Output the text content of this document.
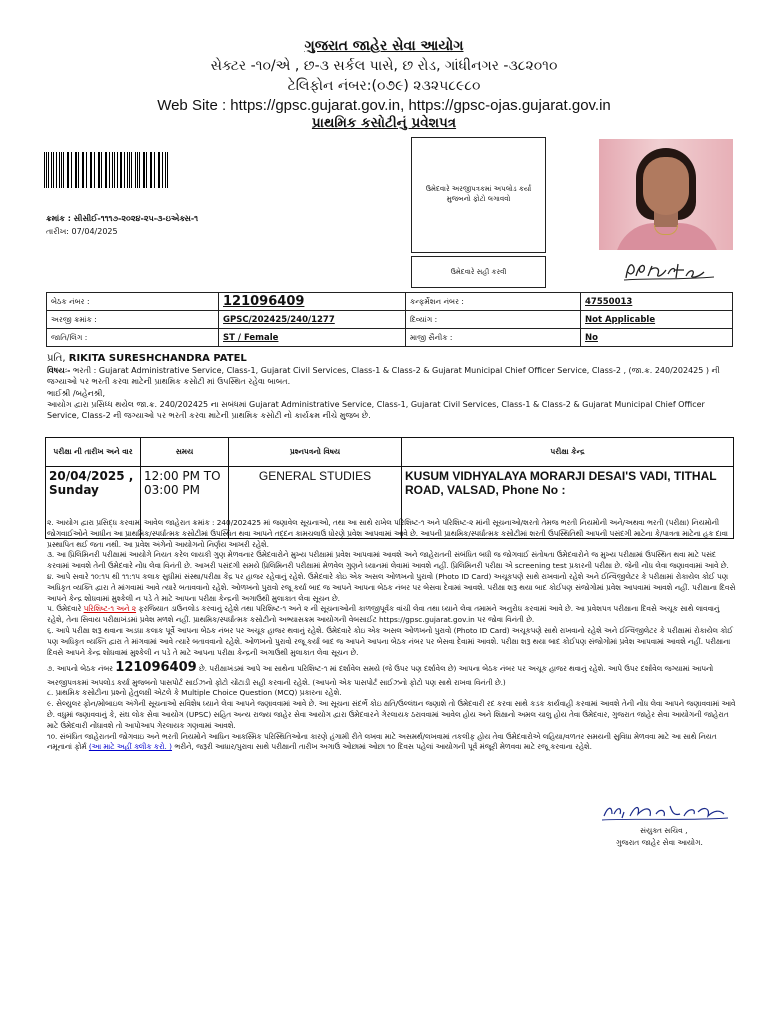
ગુજરાત જાહેર સેવા આયોગ
સેક્ટર -૧૦/એ , છ-૩ સર્કલ પાસે, છ રોડ, ગાંધીનગર -૩૮૨૦૧૦
ટેલિફોન નંબર:(૦૭૯) ૨૩૨૫૮૯૮૦
Web Site : https://gpsc.gujarat.gov.in, https://gpsc-ojas.gujarat.gov.in
પ્રાથમિક કસોટીનું પ્રવેશપત્ર
ક્રમાંક : સીસીઈ-૧૧૧૭-૨૦૨૪-૨૫-૩-ઇએક્સ-૧
તારીખ: 07/04/2025
ઉમેદવારે અરજીપત્રકમાં અપલોડ કર્યા મુજબનો ફોટો લગાવવો
ઉમેદવારે સહી કરવી
બેઠક નંબર :	121096409	કન્ફર્મેશન નંબર :	47550013
અરજી ક્રમાંક :	GPSC/202425/240/1277	દિવ્યાંગ :	Not Applicable
જાતિ/લિંગ :	ST / Female	માજી સૈનીક :	No
પ્રતિ, RIKITA SURESHCHANDRA PATEL
વિષયઃ- ભરતી : Gujarat Administrative Service, Class-1, Gujarat Civil Services, Class-1 & Class-2 & Gujarat Municipal Chief Officer Service, Class-2 , (જા.ક્ર. 240/202425 ) ની જગ્યાઓ પર ભરતી કરવા માટેની પ્રાથમિક કસોટી માં ઉપસ્થિત રહેવા બાબત.
ભાઈશ્રી /બહેનશ્રી,
આયોગ દ્વારા પ્રસિધ્ધ થયેલ જા.ક્ર. 240/202425 ના સબંધમાં Gujarat Administrative Service, Class-1, Gujarat Civil Services, Class-1 & Class-2 & Gujarat Municipal Chief Officer Service, Class-2 ની જગ્યાઓ પર ભરતી કરવા માટેની પ્રાથમિક કસોટી નો કાર્યક્રમ નીચે મુજબ છે.
પરીક્ષા ની તારીખ અને વાર	સમય	પ્રશ્નપત્રનો વિષય	પરીક્ષા કેન્દ્ર
20/04/2025 , Sunday	12:00 PM TO 03:00 PM	GENERAL STUDIES	KUSUM VIDHYALAYA MORARJI DESAI'S VADI, TITHAL ROAD, VALSAD, Phone No :

૨. આયોગ દ્વારા પ્રસિદ્ધ કરવામાં આવેલ જાહેરાત ક્રમાંક : 240/202425 માં જણાવેલ સૂચનાઓ, તથા આ સાથે રાખેલ પરિશિષ્ટ-૧ અને પરિશિષ્ટ-૨ માંની સૂચનાઓ/શરતો તેમજ ભરતી નિયમોની અને/અથવા ભરતી (પરીક્ષા) નિયમોની જોગવાઈઓને આધીન આ પ્રાથમિક/સ્પર્ધાત્મક કસોટીમાં ઉપસ્થિત થવા આપને તદ્દન કામચલાઉ ધોરણે પ્રવેશ આપવામાં આવે છે. આપની પ્રાથમિક/સ્પર્ધાત્મક કસોટીમાં શરતી ઉપસ્થિતિથી આપની પસંદગી માટેના કે/પાત્રતા માટેના હક દાવા પ્રસ્થાપિત થઈ જતા નથી. આ પ્રવેશ અંગેનો આયોગનો નિર્ણય આખરી રહેશે.

૩. આ પ્રિલિમિનરી પરીક્ષામાં આયોગે નિયત કરેલ લાયકી ગુણ મેળવનાર ઉમેદવારોને મુખ્ય પરીક્ષામાં પ્રવેશ આપવામાં આવશે અને જાહેરાતની સંબંધિત બધી જ જોગવાઈ સંતોષતા ઉમેદવારોને જ મુખ્ય પરીક્ષામાં ઉપસ્થિત થવા માટે પસંદ કરવામાં આવશે તેની ઉમેદવારે નોંધ લેવા વિનંતી છે. આખરી પસંદગી સમયે પ્રિલિમિનરી પરીક્ષામાં મેળવેલ ગુણને ધ્યાનમાં લેવામાં આવશે નહીં. પ્રિલિમિનરી પરીક્ષા એ screening test પ્રકારની પરીક્ષા છે. જેની નોંધ લેવા જણાવવામાં આવે છે.

૪. આપે સવારે ૧૦:૧૫ થી ૧૧:૧૫ કલાક સુધીમાં સંસ્થા/પરીક્ષા કેંદ્ર પર હાજર રહેવાનું રહેશે. ઉમેદવારે કોઇ એક અસલ ઓળખનો પુરાવો (Photo ID Card) અચૂકપણે સાથે રાખવાનો રહેશે અને ઈન્વિજીલેટર કે પરીક્ષામાં રોકાયેલ કોઈ પણ અધિકૃત વ્યક્તિ દ્વારા તે માંગવામાં આવે ત્યારે બતાવવાનો રહેશે. ઓળખનો પુરાવો રજૂ કર્યા બાદ જ આપને આપના બેઠક નંબર પર બેસવા દેવામાં આવશે. પરીક્ષા શરૂ થયા બાદ કોઈપણ સંજોગોમાં પ્રવેશ આપવામાં આવશે નહીં. પરીક્ષાના દિવસે આપને કેન્દ્ર શોધવામાં મુશ્કેલી ન પડે તે માટે આપના પરીક્ષા કેન્દ્રની અગાઉથી મુલાકાત લેવા સૂચન છે.

૫. ઉમેદવારે પરિશિષ્ટ-૧ અને ૨ ફરજિયાત ડાઉનલોડ કરવાનું રહેશે તથા પરિશિષ્ટ-૧ અને ૨ ની સૂચનાઓની કાળજીપૂર્વક વાંચી લેવા તથા ધ્યાને લેવા તમામને અનુરોધ કરવામાં આવે છે. આ પ્રવેશપત્ર પરીક્ષાના દિવસે અચૂક સાથે લાવવાનું રહેશે, તેના સિવાય પરીક્ષાખંડમાં પ્રવેશ મળશે નહીં. પ્રાથમિક/સ્પર્ધાત્મક કસોટીનો અભ્યાસક્રમ આયોગની વેબસાઈટ https://gpsc.gujarat.gov.in પર જોવા વિનંતી છે.

૬. આપે પરીક્ષા શરૂ થવાના અડધા કલાક પૂર્વે આપના બેઠક નંબર પર અચૂક હાજર થવાનું રહેશે. ઉમેદવારે કોઇ એક અસલ ઓળખનો પુરાવો (Photo ID Card) અચૂકપણે સાથે રાખવાનો રહેશે અને ઈન્વિજીલેટર કે પરીક્ષામાં રોકાયેલ કોઈ પણ અધિકૃત વ્યક્તિ દ્વારા તે માંગવામાં આવે ત્યારે બતાવવાનો રહેશે. ઓળખનો પુરાવો રજૂ કર્યા બાદ જ આપને આપના બેઠક નંબર પર બેસવા દેવામાં આવશે. પરીક્ષા શરૂ થયા બાદ કોઈપણ સંજોગોમાં પ્રવેશ આપવામાં આવશે નહીં. પરીક્ષાના દિવસે આપને કેન્દ્ર શોધવામાં મુશ્કેલી ન પડે તે માટે આપના પરીક્ષા કેન્દ્રની અગાઉથી મુલાકાત લેવા સૂચન છે.

૭. આપનો બેઠક નંબર 121096409 છે. પરીક્ષાખંડમાં આપે આ સાથેના પરિશિષ્ટ-૧ માં દર્શાવેલ સમયે (જે ઉપર પણ દર્શાવેલ છે) આપના બેઠક નંબર પર અચૂક હાજર થવાનું રહેશે. આપે ઉપર દર્શાવેલ જગ્યામાં આપનો અરજીપત્રકમાં અપલોડ કર્યા મુજબનો પાસપોર્ટ સાઈઝનો ફોટો ચોંટાડી સહી કરવાની રહેશે. (આપનો એક પાસપોર્ટ સાઈઝનો ફોટો પણ સાથે રાખવા વિનંતી છે.)

૮. પ્રાથમિક કસોટીના પ્રશ્નો હેતુલક્ષી એટલે કે Multiple Choice Question (MCQ) પ્રકારના રહેશે.

૯. સેલ્યુલર ફોન/મોબાઇલ અંગેની સૂચનાઓ સવિશેષ ધ્યાને લેવા આપને જણાવવામાં આવે છે. આ સૂચના સંદર્ભે કોઇ ક્ષતિ/ઉલ્લંઘન જણાશે તો ઉમેદવારી રદ કરવા સાથે કડક કાર્યવાહી કરવામાં આવશે તેની નોંધ લેવા આપને જણાવવામાં આવે છે. વધુમાં જણાવવાનું કે, સંઘ લોક સેવા આયોગ (UPSC) સહિત અન્ય રાજ્ય જાહેર સેવા આયોગ દ્વારા ઉમેદવારને ગેરલાયક ઠરાવવામાં આવેલ હોય અને શિક્ષાનો અમલ ચાલુ હોય તેવા ઉમેદવાર, ગુજરાત જાહેર સેવા આયોગની જાહેરાત માટે ઉમેદવારી નોંધાવશે તો આપોઆપ ગેરલાયક ગણવામાં આવશે.

૧૦. સંબંધિત જાહેરાતની જોગવાઇ અને ભરતી નિયમોને આધિન આકસ્મિક પરિસ્થિતિઓના કારણે હંગામી રીતે લખવા માટે અસમર્થ/લખવામાં તકલીફ હોય તેવા ઉમેદવારોએ લહિયા/વળતર સમયની સુવિધા મેળવવા માટે આ સાથે નિયત નમૂનાનાં ફોર્મ (આ માટે અહીં ક્લીક કરો. ) ભરીને, જરૂરી આધાર/પુરાવા સાથે પરીક્ષાની તારીખ અગાઉ ઓછામાં ઓછા ૧૦ દિવસ પહેલાં આયોગની પૂર્વ મંજૂરી મેળવવા માટે રજૂ કરવાના રહેશે.

સંયુક્ત સચિવ ,
ગુજરાત જાહેર સેવા આયોગ.
